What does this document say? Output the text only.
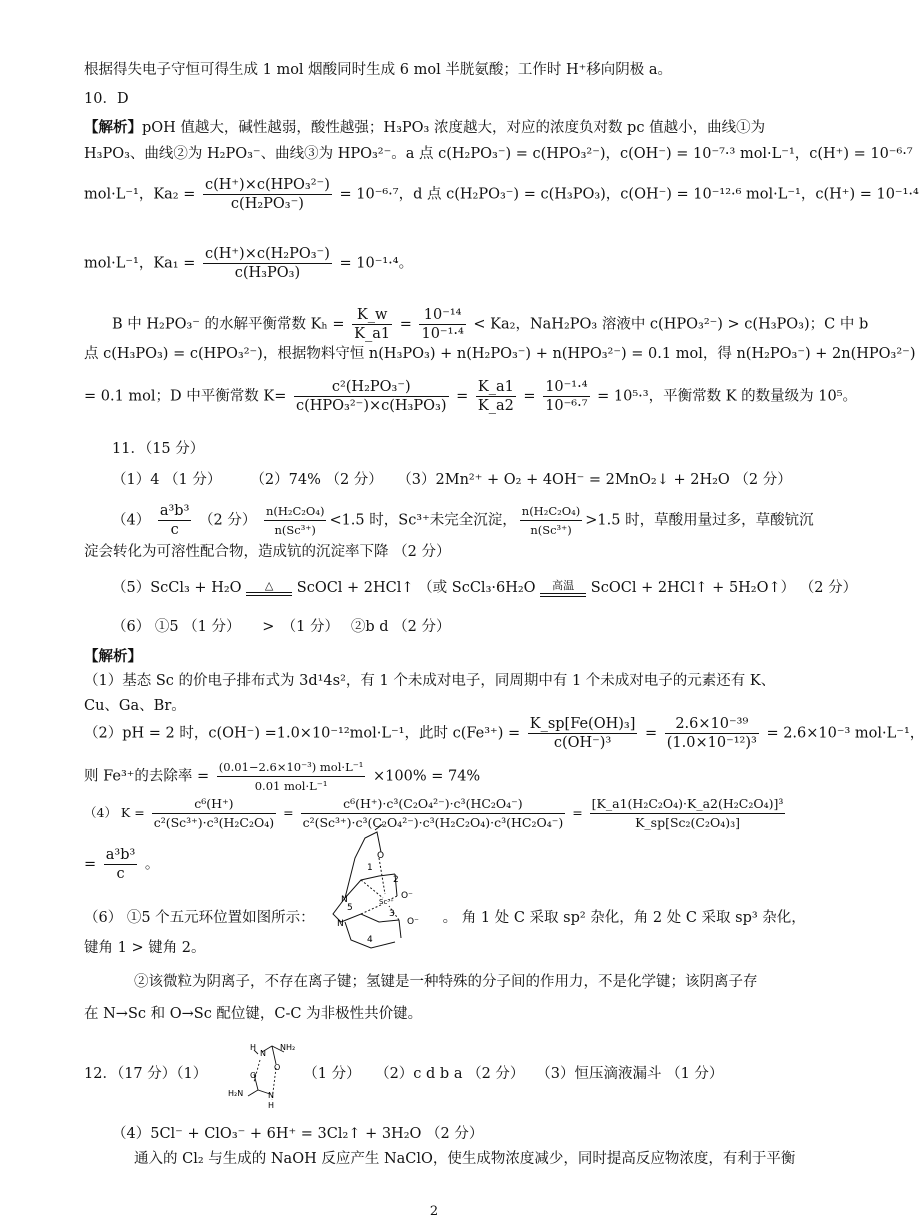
根据得失电子守恒可得生成 1 mol 烟酸同时生成 6 mol 半胱氨酸；工作时 H⁺移向阴极 a。
10．D
【解析】pOH 值越大，碱性越弱，酸性越强；H₃PO₃ 浓度越大，对应的浓度负对数 pc 值越小，曲线①为
H₃PO₃、曲线②为 H₂PO₃⁻、曲线③为 HPO₃²⁻。a 点 c(H₂PO₃⁻) = c(HPO₃²⁻)，c(OH⁻) = 10⁻⁷·³ mol·L⁻¹，c(H⁺) = 10⁻⁶·⁷
mol·L⁻¹，$Ka_2 = \frac{\text{c(H⁺)×c(HPO₃²⁻)}}{\text{c(H₂PO₃⁻)}} = 10^{-6}\cdot^7$，d 点 c(H₂PO₃⁻) = c(H₃PO₃)，c(OH⁻) = 10⁻¹²·⁶ mol·L⁻¹，c(H⁺) = 10⁻¹·⁴
mol·L⁻¹，$Ka_1 = \frac{\text{c(H⁺)×c(H₂PO₃⁻)}}{\text{c(H₃PO₃)}} = 10^{-1}\cdot^4$。
B 中 H₂PO₃⁻ 的水解平衡常数 $K_h = \frac{K\_w}{K\_a1} = \frac{\text{10⁻¹⁴}}{\text{10⁻¹·⁴}} < Ka_2$，NaH₂PO₃ 溶液中 c(HPO₃²⁻) > c(H₃PO₃)；C 中 b
点 c(H₃PO₃) = c(HPO₃²⁻)，根据物料守恒 n(H₃PO₃) + n(H₂PO₃⁻) + n(HPO₃²⁻) = 0.1 mol，得 n(H₂PO₃⁻) + 2n(HPO₃²⁻)
= 0.1 mol；D 中平衡常数 $K= \frac{\text{c²(H₂PO₃⁻)}}{\text{c(HPO₃²⁻)×c(H₃PO₃)}} = \frac{K\_a1}{K\_a2} = \frac{\text{10⁻¹·⁴}}{\text{10⁻⁶·⁷}} = 10^5\cdot^3$，平衡常数 K 的数量级为 10⁵。
11．（15 分）
（1）4 （1 分）　　　（2）74% （2 分）　　（3）2Mn²⁺ + O₂ + 4OH⁻ = 2MnO₂↓ + 2H₂O （2 分）
$(4) \frac{\text{a³b³}}{c} (2$ 分） $\frac{\text{n(H₂C₂O₄)}}{\text{n(Sc³⁺)}} <1.5$ 时，Sc³⁺未完全沉淀， $\frac{\text{n(H₂C₂O₄)}}{\text{n(Sc³⁺)}} >1.5$ 时，草酸用量过多，草酸钪沉
淀会转化为可溶性配合物，造成钪的沉淀率下降 （2 分）
（5）ScCl₃ + H₂O	△	ScOCl + 2HCl↑ （或 ScCl₃·6H₂O	高温	ScOCl + 2HCl↑ + 5H₂O↑） （2 分）
（6） ①5 （1 分）　　>　（1 分）　 ②b d （2 分）
【解析】
（1）基态 Sc 的价电子排布式为 3d¹4s²，有 1 个未成对电子，同周期中有 1 个未成对电子的元素还有 K、
Cu、Ga、Br。
（2）pH = 2 时，c(OH⁻) =1.0×10⁻¹²mol·L⁻¹，此时 $c(Fe^{3+}) = \frac{\text{K\_sp[Fe(OH)₃]}}{\text{c(OH⁻)³}} = \frac{\text{2.6×10⁻³⁹}}{\text{(1.0×10⁻¹²)³}} = 2.6\times 10^{-3}$ mol·L⁻¹，
则 Fe³⁺的去除率 = $\frac{\text{(0.01−2.6×10⁻³) mol·L⁻¹}}{\text{0.01 mol·L⁻¹}} \times 100\% = 74\%$
（4） $K = \frac{\text{c⁶(H⁺)}}{\text{c²(Sc³⁺)·c³(H₂C₂O₄)}} = \frac{\text{c⁶(H⁺)·c³(C₂O₄²⁻)·c³(HC₂O₄⁻)}}{\text{c²(Sc³⁺)·c³(C₂O₄²⁻)·c³(H₂C₂O₄)·c³(HC₂O₄⁻)}} = \frac{\text{[K\_a1(H₂C₂O₄)·K\_a2(H₂C₂O₄)]³}}{\text{K\_sp[Sc₂(C₂O₄)₃]}}$
= $\frac{\text{a³b³}}{c}$ 。
（6） ①5 个五元环位置如图所示：	。 角 1 处 C 采取 sp² 杂化，角 2 处 C 采取 sp³ 杂化，
N
N
Sc³⁺
O
O⁻
O⁻
1
2
3
4
5
键角 1 > 键角 2。
②该微粒为阴离子，不存在离子键；氢键是一种特殊的分子间的作用力，不是化学键；该阴离子存
在 N→Sc 和 O→Sc 配位键，C-C 为非极性共价键。
12．（17 分）（1）	（1 分）　　（2）c d b a （2 分）　 （3）恒压滴液漏斗 （1 分）
H
N
NH₂
O
H₂N	N
H
O
（4）5Cl⁻ + ClO₃⁻ + 6H⁺ = 3Cl₂↑ + 3H₂O （2 分）
通入的 Cl₂ 与生成的 NaOH 反应产生 NaClO，使生成物浓度减少，同时提高反应物浓度，有利于平衡
2
